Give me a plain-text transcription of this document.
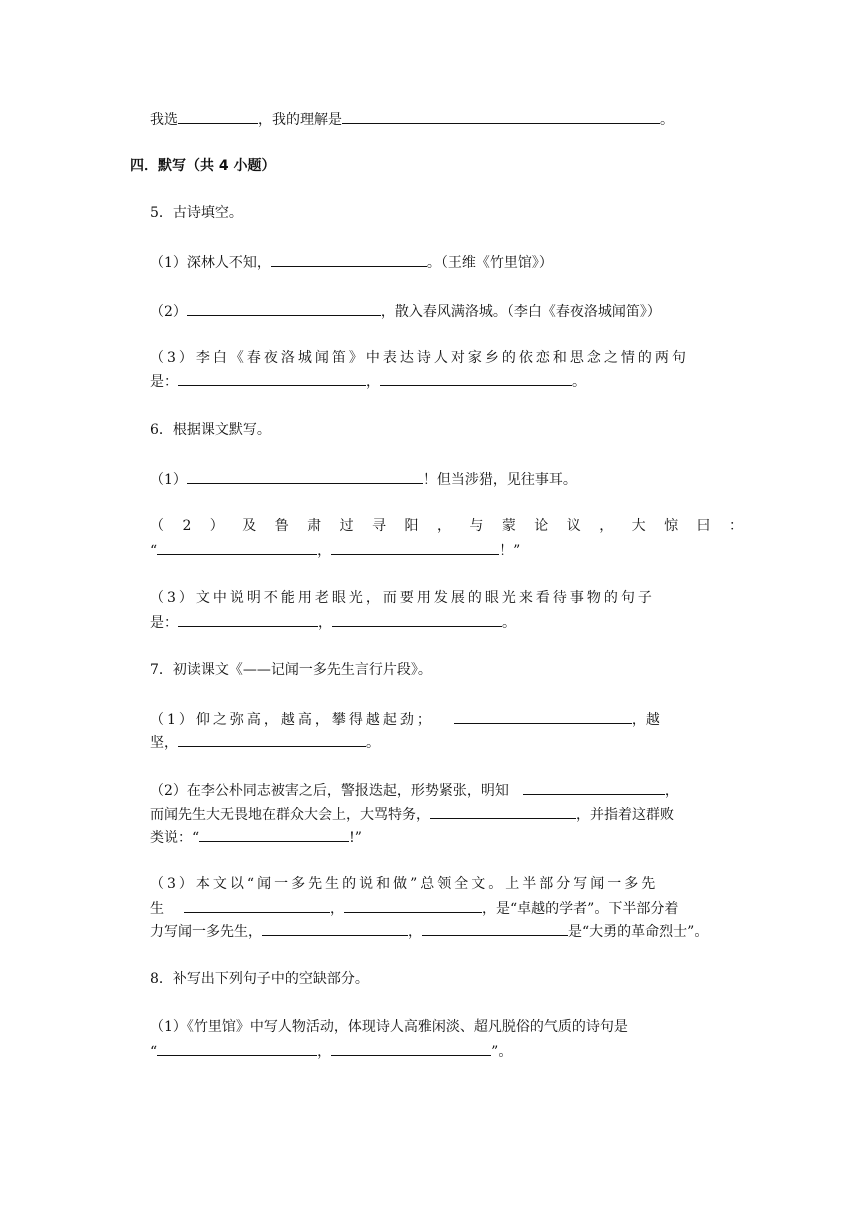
我选	，我的理解是	。
四．默写（共 4 小题）
5．古诗填空。
（1）深林人不知，	。（王维《竹里馆》）
（2）	，散入春风满洛城。（李白《春夜洛城闻笛》）
（3）李白《春夜洛城闻笛》中表达诗人对家乡的依恋和思念之情的两句
是：	，	。
6．根据课文默写。
（1）	！但当涉猎，见往事耳。
（ 2 ） 及 鲁 肃 过 寻 阳 ， 与 蒙 论 议 ， 大 惊 曰 ：
“	，	！”
（3）文中说明不能用老眼光，而要用发展的眼光来看待事物的句子
是：	，	。
7．初读课文《——记闻一多先生言行片段》。
（1）仰之弥高，越高，攀得越起劲；	，越
坚，	。
（2）在李公朴同志被害之后，警报迭起，形势紧张，明知	，
而闻先生大无畏地在群众大会上，大骂特务，	，并指着这群败
类说：“	!”
（3）本文以“闻一多先生的说和做”总领全文。上半部分写闻一多先
生	，	，是“卓越的学者”。下半部分着
力写闻一多先生，	，	是“大勇的革命烈士”。
8．补写出下列句子中的空缺部分。
（1）《竹里馆》中写人物活动，体现诗人高雅闲淡、超凡脱俗的气质的诗句是
“	，	”。
